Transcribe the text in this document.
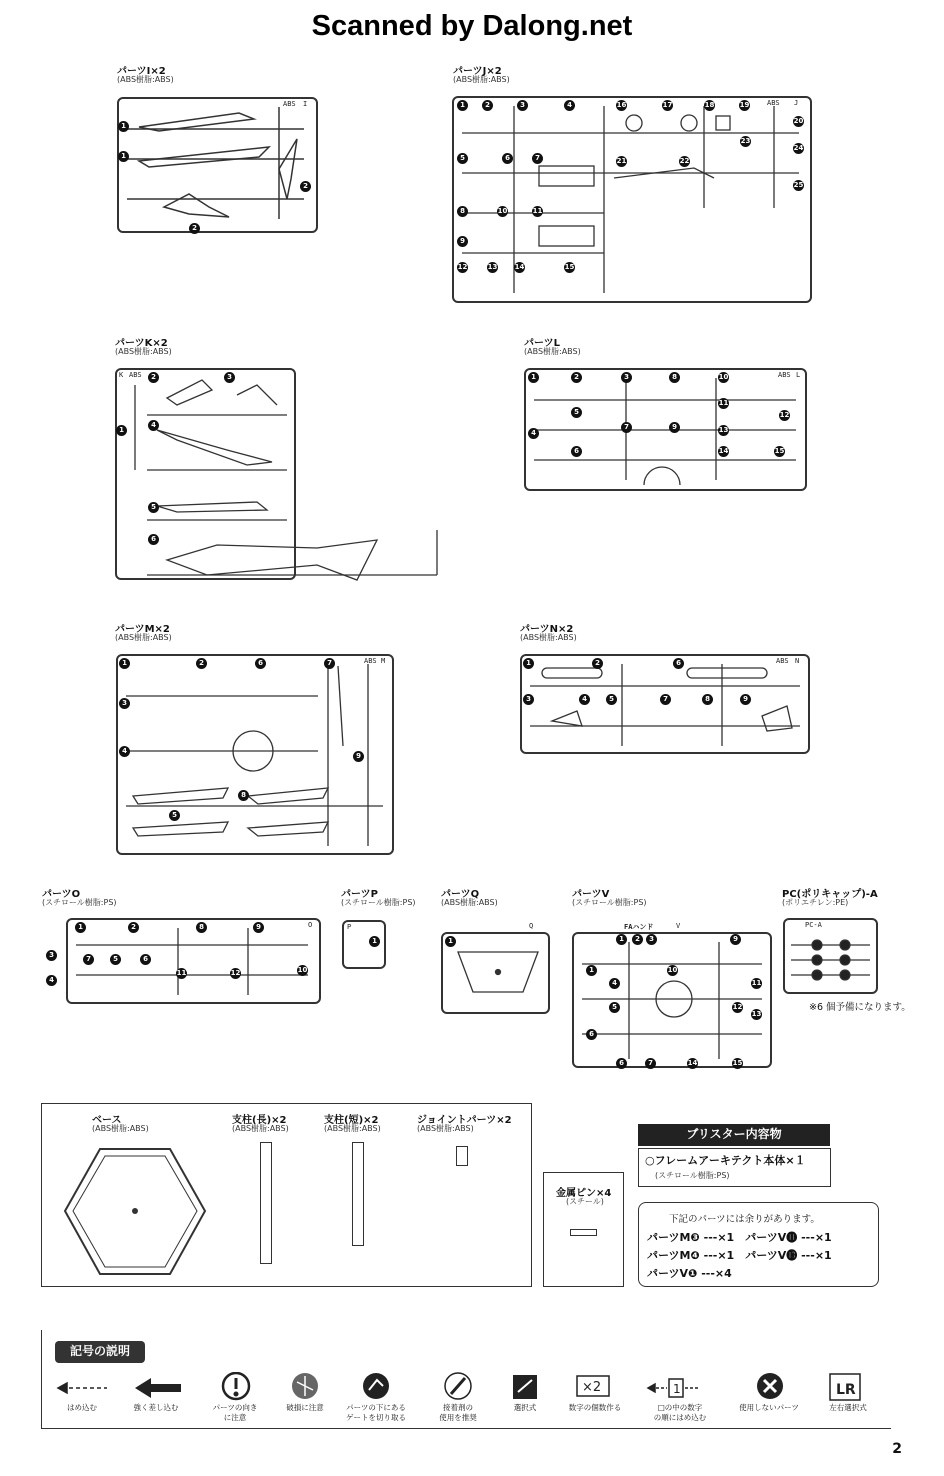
Scanned by Dalong.net
パーツI×2
(ABS樹脂:ABS)
ABS I
1
1
2
2
パーツJ×2
(ABS樹脂:ABS)
ABS J
1	2	3	4	16	17	18	19
20
24
25
23
21	22
5	6	7
8	10	11
9
12	13 14	15
パーツK×2
(ABS樹脂:ABS)
K ABS	2	3
1
4
5
6
パーツL
(ABS樹脂:ABS)
ABS L
1	2	3	8	10
5
7	9	13
11
12
4
6	14	15
パーツM×2
(ABS樹脂:ABS)
ABS M
1	2	6	7
3
4
9
8
5
パーツN×2
(ABS樹脂:ABS)
ABS N
1	2	6
4	5	7	9
3	8
パーツO
(スチロール樹脂:PS)
O
1	2	8	9
3	5	6
7
10
4
11	12
パーツP
(スチロール樹脂:PS)
P
1
パーツQ
(ABS樹脂:ABS)
Q
1
パーツV
(スチロール樹脂:PS)
FAハンド	V
1	2	3	9
1	10
4	11
5	12
6
13
6	7	14	15
PC(ポリキャップ)-A
(ポリエチレン:PE)
PC-A
※6 個予備になります。
ベース
(ABS樹脂:ABS)
支柱(長)×2
(ABS樹脂:ABS)
支柱(短)×2
(ABS樹脂:ABS)
ジョイントパーツ×2
(ABS樹脂:ABS)
金属ピン×4
(スチール)
ブリスター内容物
○フレームアーキテクト本体×１
(スチロール樹脂:PS)
下記のパーツには余りがあります。
パーツM❸ ---×1　パーツV⓫ ---×1
パーツM❹ ---×1　パーツV⓭ ---×1
パーツV❶ ---×4
記号の説明
×2	1	LR
はめ込む	強く差し込む	パーツの向き
に注意
破損に注意	パーツの下にある
ゲートを切り取る
接着剤の
使用を推奨
選択式	数字の個数作る	□の中の数字
の順にはめ込む
使用しないパーツ	左右選択式
2
